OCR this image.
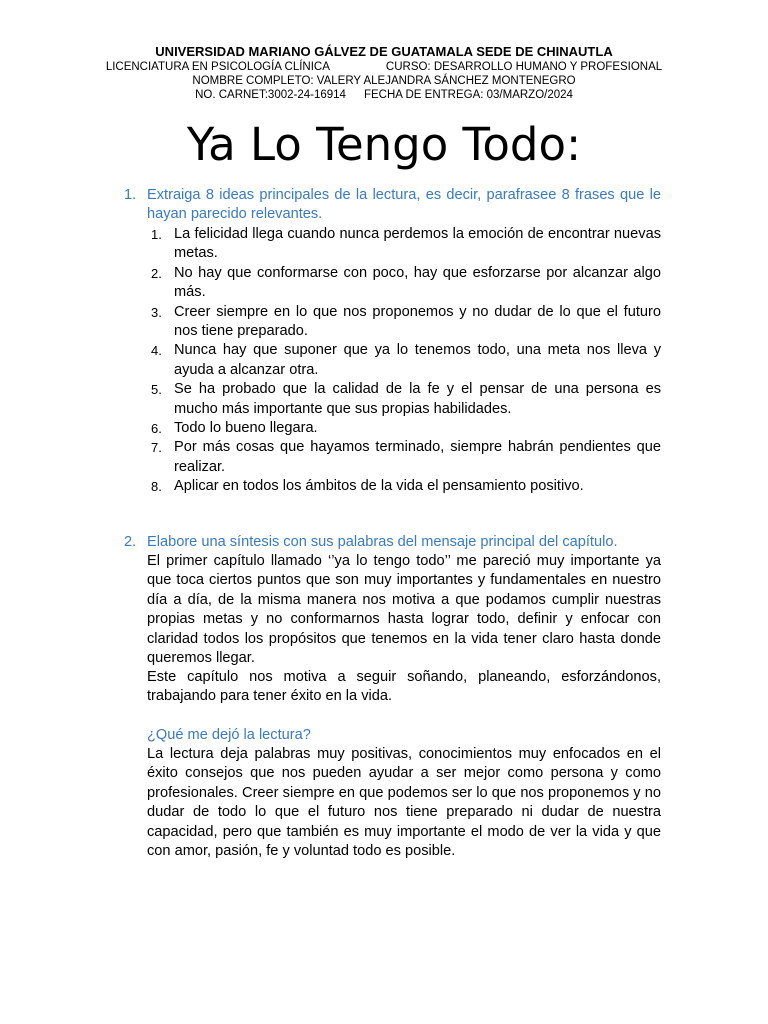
UNIVERSIDAD MARIANO GÁLVEZ DE GUATAMALA SEDE DE CHINAUTLA
LICENCIATURA EN PSICOLOGÍA CLÍNICA	CURSO: DESARROLLO HUMANO Y PROFESIONAL
NOMBRE COMPLETO: VALERY ALEJANDRA SÁNCHEZ MONTENEGRO
NO. CARNET:3002-24-16914 FECHA DE ENTREGA: 03/MARZO/2024
Ya Lo Tengo Todo:
1. Extraiga 8 ideas principales de la lectura, es decir, parafrasee 8 frases que le hayan parecido relevantes.
1. La felicidad llega cuando nunca perdemos la emoción de encontrar nuevas metas.
2. No hay que conformarse con poco, hay que esforzarse por alcanzar algo más.
3. Creer siempre en lo que nos proponemos y no dudar de lo que el futuro nos tiene preparado.
4. Nunca hay que suponer que ya lo tenemos todo, una meta nos lleva y ayuda a alcanzar otra.
5. Se ha probado que la calidad de la fe y el pensar de una persona es mucho más importante que sus propias habilidades.
6. Todo lo bueno llegara.
7. Por más cosas que hayamos terminado, siempre habrán pendientes que realizar.
8. Aplicar en todos los ámbitos de la vida el pensamiento positivo.
2. Elabore una síntesis con sus palabras del mensaje principal del capítulo.

El primer capítulo llamado ‘’ya lo tengo todo’’ me pareció muy importante ya que toca ciertos puntos que son muy importantes y fundamentales en nuestro día a día, de la misma manera nos motiva a que podamos cumplir nuestras propias metas y no conformarnos hasta lograr todo, definir y enfocar con claridad todos los propósitos que tenemos en la vida tener claro hasta donde queremos llegar.

Este capítulo nos motiva a seguir soñando, planeando, esforzándonos, trabajando para tener éxito en la vida.

¿Qué me dejó la lectura?

La lectura deja palabras muy positivas, conocimientos muy enfocados en el éxito consejos que nos pueden ayudar a ser mejor como persona y como profesionales. Creer siempre en que podemos ser lo que nos proponemos y no dudar de todo lo que el futuro nos tiene preparado ni dudar de nuestra capacidad, pero que también es muy importante el modo de ver la vida y que con amor, pasión, fe y voluntad todo es posible.
